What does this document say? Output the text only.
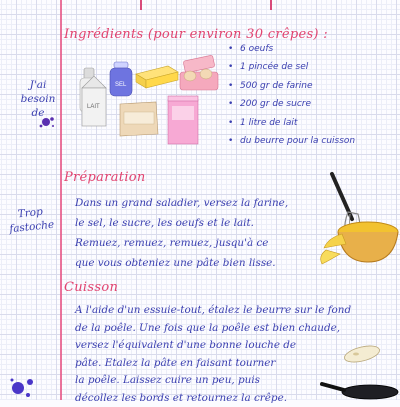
Ingrédients (pour environ 30 crêpes) :
J'ai
besoin de
Trop
fastoche
LAIT
SEL
• 6 oeufs
• 1 pincée de sel
• 500 gr de farine
• 200 gr de sucre
• 1 litre de lait
• du beurre pour la cuisson
Préparation
Dans un grand saladier, versez la farine,
le sel, le sucre, les oeufs et le lait.
Remuez, remuez, remuez, jusqu'à ce
que vous obteniez une pâte bien lisse.
Cuisson
A l'aide d'un essuie-tout, étalez le beurre sur le fond
de la poêle. Une fois que la poêle est bien chaude,
versez l'équivalent d'une bonne louche de
pâte. Etalez la pâte en faisant tourner
la poêle. Laissez cuire un peu, puis
décollez les bords et retournez la crêpe.
